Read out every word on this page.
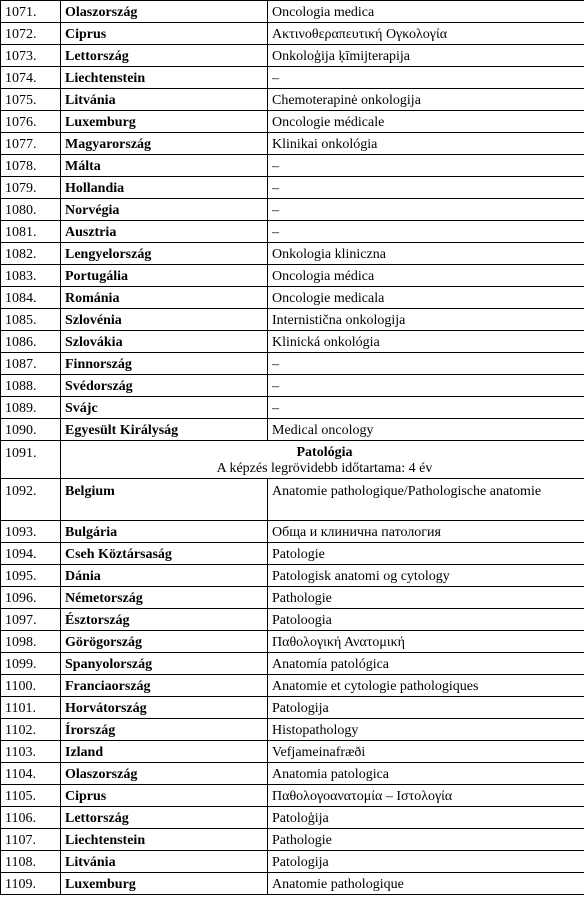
1071.	Olaszország	Oncologia medica
1072.	Ciprus	Ακτινοθεραπευτική Ογκολογία
1073.	Lettország	Onkoloģija ķīmijterapija
1074.	Liechtenstein	–
1075.	Litvánia	Chemoterapinė onkologija
1076.	Luxemburg	Oncologie médicale
1077.	Magyarország	Klinikai onkológia
1078.	Málta	–
1079.	Hollandia	–
1080.	Norvégia	–
1081.	Ausztria	–
1082.	Lengyelország	Onkologia kliniczna
1083.	Portugália	Oncologia médica
1084.	Románia	Oncologie medicala
1085.	Szlovénia	Internistična onkologija
1086.	Szlovákia	Klinická onkológia
1087.	Finnország	–
1088.	Svédország	–
1089.	Svájc	–
1090.	Egyesült Királyság	Medical oncology
1091.	Patológia
A képzés legrövidebb időtartama: 4 év	
1092.	Belgium	Anatomie pathologique/Pathologische anatomie
1093.	Bulgária	Обща и клинична патология
1094.	Cseh Köztársaság	Patologie
1095.	Dánia	Patologisk anatomi og cytology
1096.	Németország	Pathologie
1097.	Észtország	Patoloogia
1098.	Görögország	Παθολογική Ανατομική
1099.	Spanyolország	Anatomía patológica
1100.	Franciaország	Anatomie et cytologie pathologiques
1101.	Horvátország	Patologija
1102.	Írország	Histopathology
1103.	Izland	Vefjameinafræði
1104.	Olaszország	Anatomia patologica
1105.	Ciprus	Παθολογοανατομία – Ιστολογία
1106.	Lettország	Patoloģija
1107.	Liechtenstein	Pathologie
1108.	Litvánia	Patologija
1109.	Luxemburg	Anatomie pathologique
